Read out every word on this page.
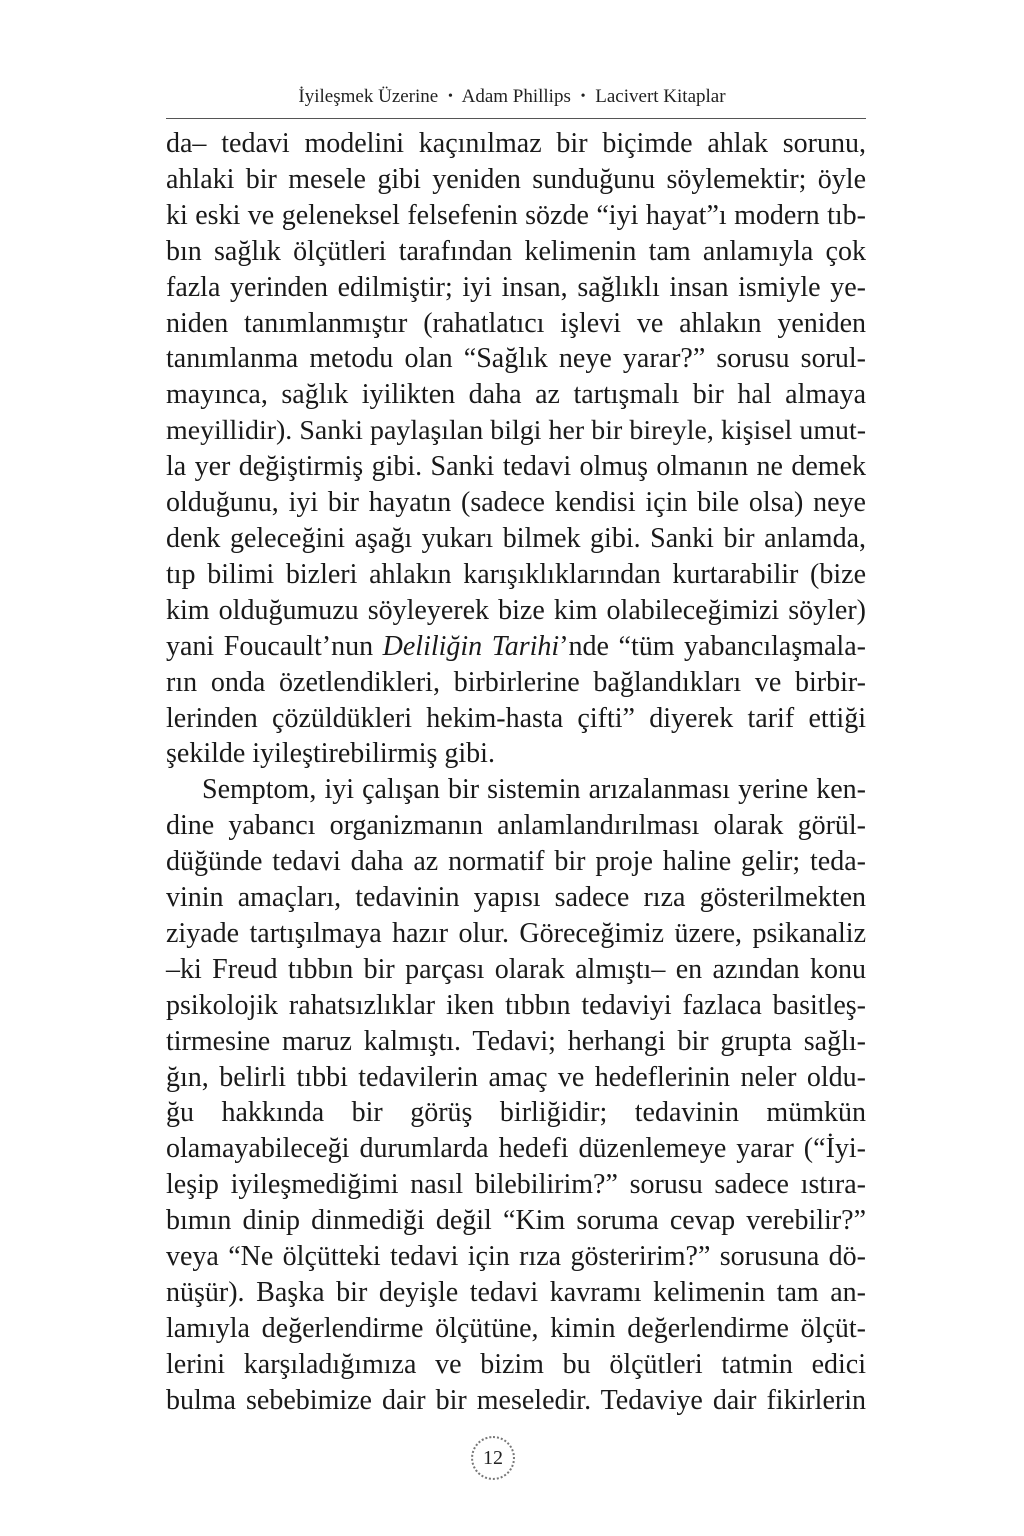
İyileşmek Üzerine • Adam Phillips • Lacivert Kitaplar
da– tedavi modelini kaçınılmaz bir biçimde ahlak sorunu,
ahlaki bir mesele gibi yeniden sunduğunu söylemektir; öyle
ki eski ve geleneksel felsefenin sözde “iyi hayat”ı modern tıb-
bın sağlık ölçütleri tarafından kelimenin tam anlamıyla çok
fazla yerinden edilmiştir; iyi insan, sağlıklı insan ismiyle ye-
niden tanımlanmıştır (rahatlatıcı işlevi ve ahlakın yeniden
tanımlanma metodu olan “Sağlık neye yarar?” sorusu sorul-
mayınca, sağlık iyilikten daha az tartışmalı bir hal almaya
meyillidir). Sanki paylaşılan bilgi her bir bireyle, kişisel umut-
la yer değiştirmiş gibi. Sanki tedavi olmuş olmanın ne demek
olduğunu, iyi bir hayatın (sadece kendisi için bile olsa) neye
denk geleceğini aşağı yukarı bilmek gibi. Sanki bir anlamda,
tıp bilimi bizleri ahlakın karışıklıklarından kurtarabilir (bize
kim olduğumuzu söyleyerek bize kim olabileceğimizi söyler)
yani Foucault’nun Deliliğin Tarihi’nde “tüm yabancılaşmala-
rın onda özetlendikleri, birbirlerine bağlandıkları ve birbir-
lerinden çözüldükleri hekim-hasta çifti” diyerek tarif ettiği
şekilde iyileştirebilirmiş gibi.
Semptom, iyi çalışan bir sistemin arızalanması yerine ken-
dine yabancı organizmanın anlamlandırılması olarak görül-
düğünde tedavi daha az normatif bir proje haline gelir; teda-
vinin amaçları, tedavinin yapısı sadece rıza gösterilmekten
ziyade tartışılmaya hazır olur. Göreceğimiz üzere, psikanaliz
–ki Freud tıbbın bir parçası olarak almıştı– en azından konu
psikolojik rahatsızlıklar iken tıbbın tedaviyi fazlaca basitleş-
tirmesine maruz kalmıştı. Tedavi; herhangi bir grupta sağlı-
ğın, belirli tıbbi tedavilerin amaç ve hedeflerinin neler oldu-
ğu hakkında bir görüş birliğidir; tedavinin mümkün
olamayabileceği durumlarda hedefi düzenlemeye yarar (“İyi-
leşip iyileşmediğimi nasıl bilebilirim?” sorusu sadece ıstıra-
bımın dinip dinmediği değil “Kim soruma cevap verebilir?”
veya “Ne ölçütteki tedavi için rıza gösteririm?” sorusuna dö-
nüşür). Başka bir deyişle tedavi kavramı kelimenin tam an-
lamıyla değerlendirme ölçütüne, kimin değerlendirme ölçüt-
lerini karşıladığımıza ve bizim bu ölçütleri tatmin edici
bulma sebebimize dair bir meseledir. Tedaviye dair fikirlerin
12
